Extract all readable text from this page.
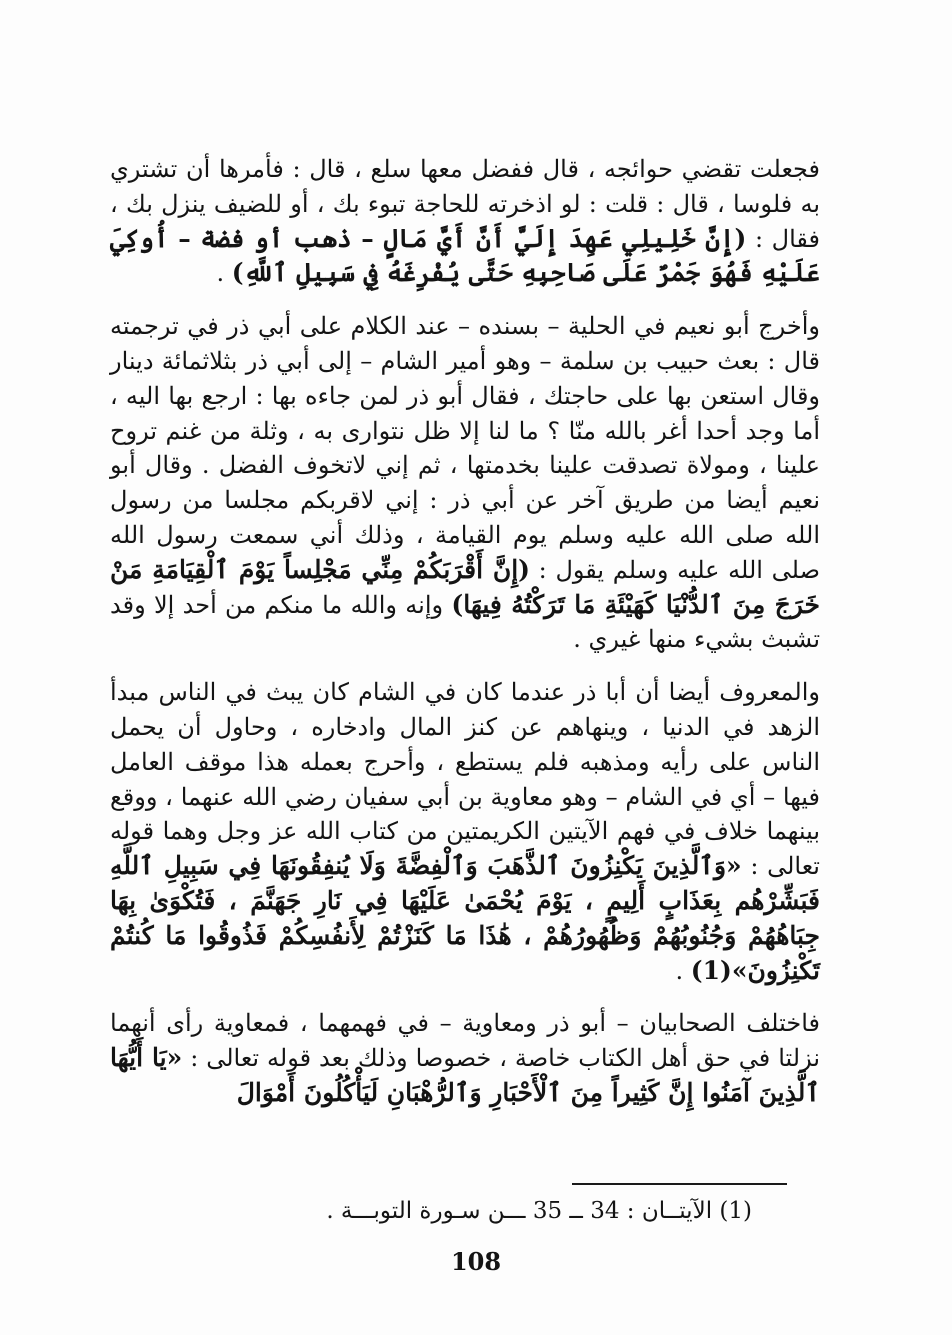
فجعلت تقضي حوائجه ، قال ففضل معها سلع ، قال : فأمرها أن تشتري به فلوسا ، قال : قلت : لو اذخرته للحاجة تبوء بك ، أو للضيف ينزل بك ، فقال : (إِنَّ خَلِيلِي عَهِدَ إِلَيَّ أَنَّ أَيَّ مَالٍ – ذهب أو فضة – أُوكِيَ عَلَيْهِ فَهُوَ جَمْرٌ عَلَى صَاحِبِهِ حَتَّى يُفْرِغَهُ فِي سَبِيلِ ٱللَّهِ) .

وأخرج أبو نعيم في الحلية – بسنده – عند الكلام على أبي ذر في ترجمته قال : بعث حبيب بن سلمة – وهو أمير الشام – إلى أبي ذر بثلاثمائة دينار وقال استعن بها على حاجتك ، فقال أبو ذر لمن جاءه بها : ارجع بها اليه ، أما وجد أحدا أغر بالله منّا ؟ ما لنا إلا ظل نتوارى به ، وثلة من غنم تروح علينا ، ومولاة تصدقت علينا بخدمتها ، ثم إني لاتخوف الفضل . وقال أبو نعيم أيضا من طريق آخر عن أبي ذر : إني لاقربكم مجلسا من رسول الله صلى الله عليه وسلم يوم القيامة ، وذلك أني سمعت رسول الله صلى الله عليه وسلم يقول : (إِنَّ أَقْرَبَكُمْ مِنِّي مَجْلِساً يَوْمَ ٱلْقِيَامَةِ مَنْ خَرَجَ مِنَ ٱلدُّنْيَا كَهَيْئَةِ مَا تَرَكْتُهُ فِيهَا) وإنه والله ما منكم من أحد إلا وقد تشبث بشيء منها غيري .

والمعروف أيضا أن أبا ذر عندما كان في الشام كان يبث في الناس مبدأ الزهد في الدنيا ، وينهاهم عن كنز المال وادخاره ، وحاول أن يحمل الناس على رأيه ومذهبه فلم يستطع ، وأحرج بعمله هذا موقف العامل فيها – أي في الشام – وهو معاوية بن أبي سفيان رضي الله عنهما ، ووقع بينهما خلاف في فهم الآيتين الكريمتين من كتاب الله عز وجل وهما قوله تعالى : «وَٱلَّذِينَ يَكْنِزُونَ ٱلذَّهَبَ وَٱلْفِضَّةَ وَلَا يُنفِقُونَهَا فِي سَبِيلِ ٱللَّهِ فَبَشِّرْهُم بِعَذَابٍ أَلِيمٍ ، يَوْمَ يُحْمَىٰ عَلَيْهَا فِي نَارِ جَهَنَّمَ ، فَتُكْوَىٰ بِهَا جِبَاهُهُمْ وَجُنُوبُهُمْ وَظُهُورُهُمْ ، هَٰذَا مَا كَنَزْتُمْ لِأَنفُسِكُمْ فَذُوقُوا مَا كُنتُمْ تَكْنِزُونَ»(1) .

فاختلف الصحابيان – أبو ذر ومعاوية – في فهمهما ، فمعاوية رأى أنهما نزلتا في حق أهل الكتاب خاصة ، خصوصا وذلك بعد قوله تعالى : «يَا أَيُّهَا ٱلَّذِينَ آمَنُوا إِنَّ كَثِيراً مِنَ ٱلْأَحْبَارِ وَٱلرُّهْبَانِ لَيَأْكُلُونَ أَمْوَالَ

(1) الآيتــان : 34 ــ 35 ـــن سـورة التوبـــة .
108
